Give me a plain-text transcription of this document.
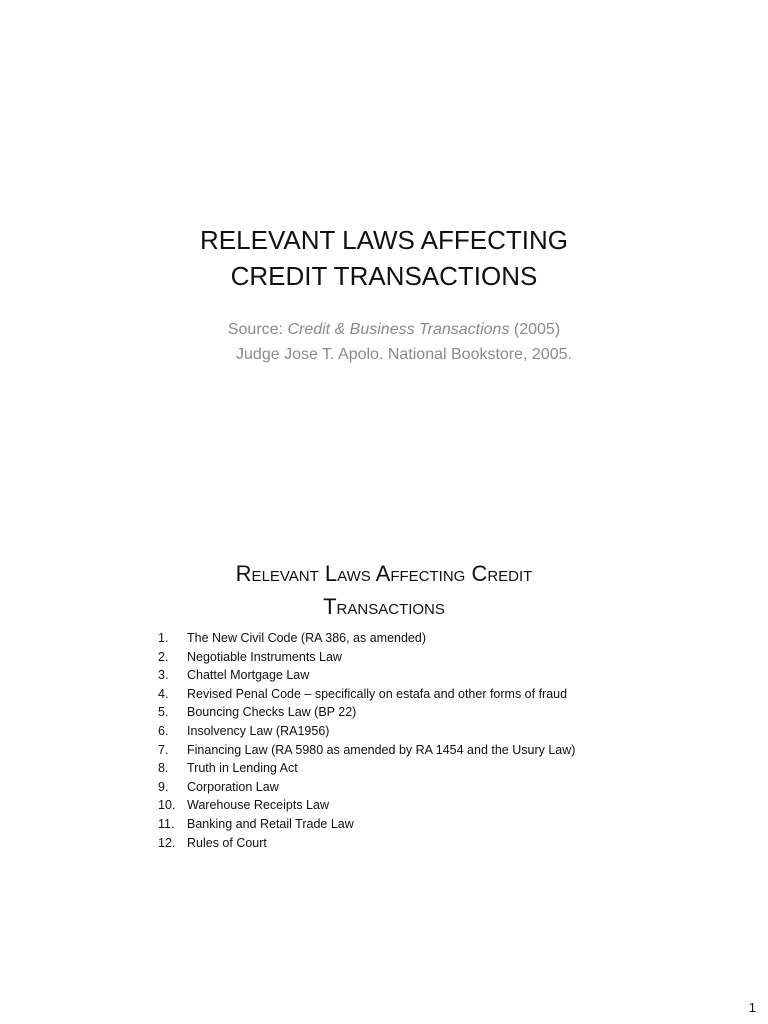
RELEVANT LAWS AFFECTING
CREDIT TRANSACTIONS
Source: Credit & Business Transactions (2005)
Judge Jose T. Apolo. National Bookstore, 2005.
Relevant Laws Affecting Credit
Transactions
1.	The New Civil Code (RA 386, as amended)
2.	Negotiable Instruments Law
3.	Chattel Mortgage Law
4.	Revised Penal Code – specifically on estafa and other forms of fraud
5.	Bouncing Checks Law (BP 22)
6.	Insolvency Law (RA1956)
7.	Financing Law (RA 5980 as amended by RA 1454 and the Usury Law)
8.	Truth in Lending Act
9.	Corporation Law
10. Warehouse Receipts Law
11.	Banking and Retail Trade Law
12. Rules of Court
1
